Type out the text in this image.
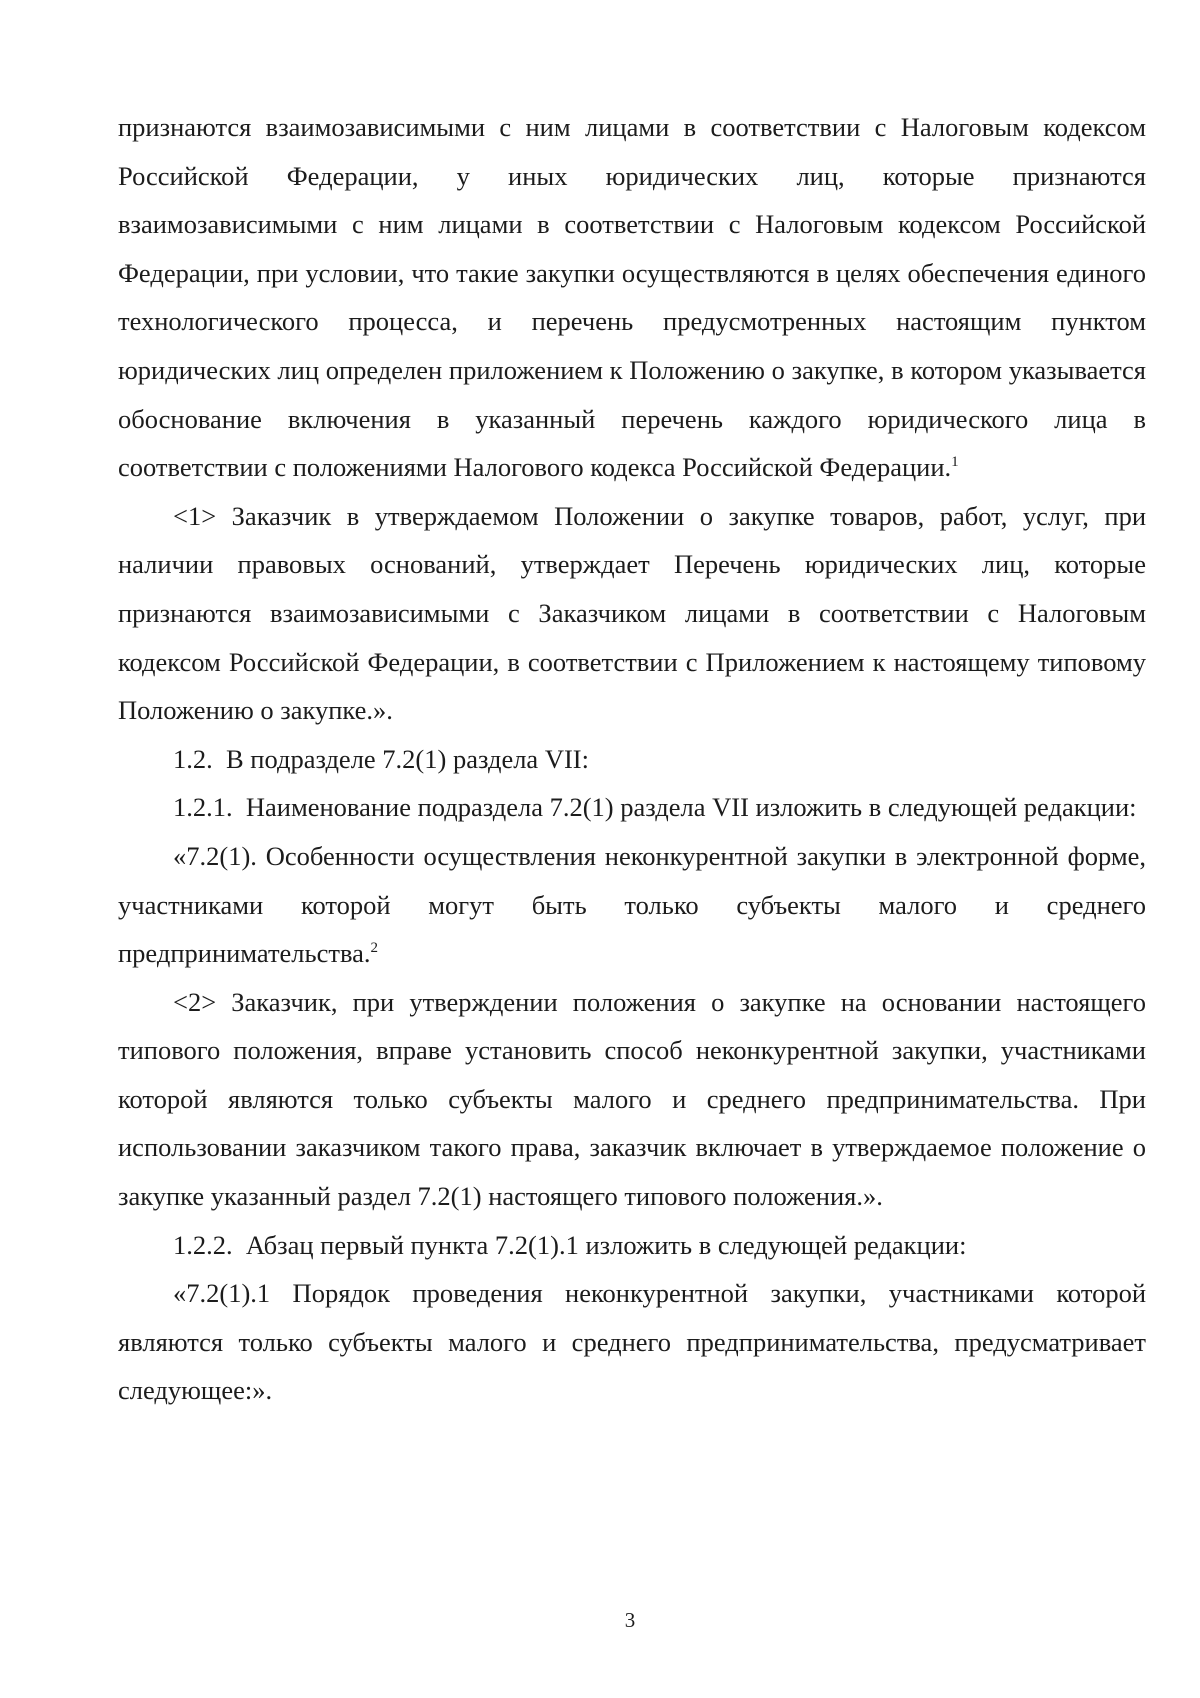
признаются взаимозависимыми с ним лицами в соответствии с Налоговым кодексом Российской Федерации, у иных юридических лиц, которые признаются взаимозависимыми с ним лицами в соответствии с Налоговым кодексом Российской Федерации, при условии, что такие закупки осуществляются в целях обеспечения единого технологического процесса, и перечень предусмотренных настоящим пунктом юридических лиц определен приложением к Положению о закупке, в котором указывается обоснование включения в указанный перечень каждого юридического лица в соответствии с положениями Налогового кодекса Российской Федерации.$^1$

<1> Заказчик в утверждаемом Положении о закупке товаров, работ, услуг, при наличии правовых оснований, утверждает Перечень юридических лиц, которые признаются взаимозависимыми с Заказчиком лицами в соответствии с Налоговым кодексом Российской Федерации, в соответствии с Приложением к настоящему типовому Положению о закупке.».

1.2.  В подразделе 7.2(1) раздела VII:

1.2.1.  Наименование подраздела 7.2(1) раздела VII изложить в следующей редакции:

«7.2(1). Особенности осуществления неконкурентной закупки в электронной форме, участниками которой могут быть только субъекты малого и среднего предпринимательства.$^2$

<2> Заказчик, при утверждении положения о закупке на основании настоящего типового положения, вправе установить способ неконкурентной закупки, участниками которой являются только субъекты малого и среднего предпринимательства. При использовании заказчиком такого права, заказчик включает в утверждаемое положение о закупке указанный раздел 7.2(1) настоящего типового положения.».

1.2.2.  Абзац первый пункта 7.2(1).1 изложить в следующей редакции:

«7.2(1).1 Порядок проведения неконкурентной закупки, участниками которой являются только субъекты малого и среднего предпринимательства, предусматривает следующее:».

3
